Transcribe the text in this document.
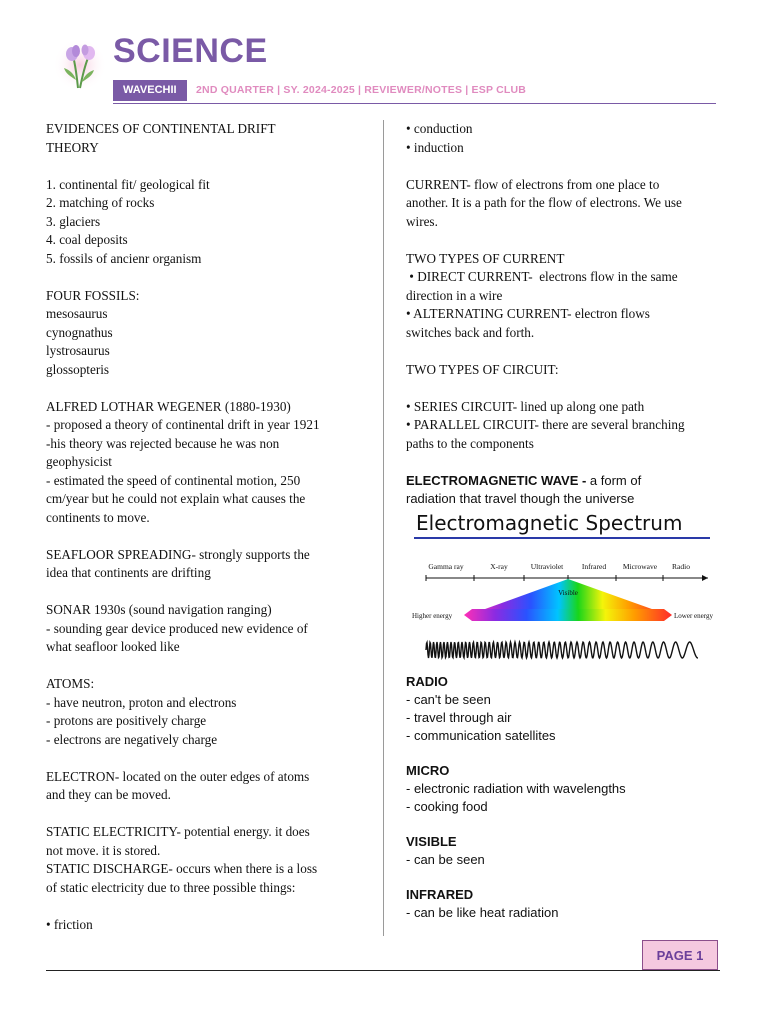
SCIENCE
WAVECHII	2ND QUARTER | SY. 2024-2025 | REVIEWER/NOTES | ESP CLUB
EVIDENCES OF CONTINENTAL DRIFT
THEORY
1. continental fit/ geological fit
2. matching of rocks
3. glaciers
4. coal deposits
5. fossils of ancienr organism
FOUR FOSSILS:
mesosaurus
cynognathus
lystrosaurus
glossopteris
ALFRED LOTHAR WEGENER (1880-1930)
- proposed a theory of continental drift in year 1921
-his theory was rejected because he was non
geophysicist
- estimated the speed of continental motion, 250
cm/year but he could not explain what causes the
continents to move.
SEAFLOOR SPREADING- strongly supports the
idea that continents are drifting
SONAR 1930s (sound navigation ranging)
- sounding gear device produced new evidence of
what seafloor looked like
ATOMS:
- have neutron, proton and electrons
- protons are positively charge
- electrons are negatively charge
ELECTRON- located on the outer edges of atoms
and they can be moved.
STATIC ELECTRICITY- potential energy. it does
not move. it is stored.
STATIC DISCHARGE- occurs when there is a loss
of static electricity due to three possible things:
• friction
• conduction
• induction
CURRENT- flow of electrons from one place to
another. It is a path for the flow of electrons. We use
wires.
TWO TYPES OF CURRENT
• DIRECT CURRENT-  electrons flow in the same
direction in a wire
• ALTERNATING CURRENT- electron flows
switches back and forth.
TWO TYPES OF CIRCUIT:
• SERIES CIRCUIT- lined up along one path
• PARALLEL CIRCUIT- there are several branching
paths to the components
ELECTROMAGNETIC WAVE - a form of
radiation that travel though the universe
Electromagnetic Spectrum
Gamma ray	X-ray	Ultraviolet Infrared Microwave Radio
Visible
Higher energy	Lower energy
RADIO
- can't be seen
- travel through air
- communication satellites
MICRO
- electronic radiation with wavelengths
- cooking food
VISIBLE
- can be seen
INFRARED
- can be like heat radiation
PAGE 1
